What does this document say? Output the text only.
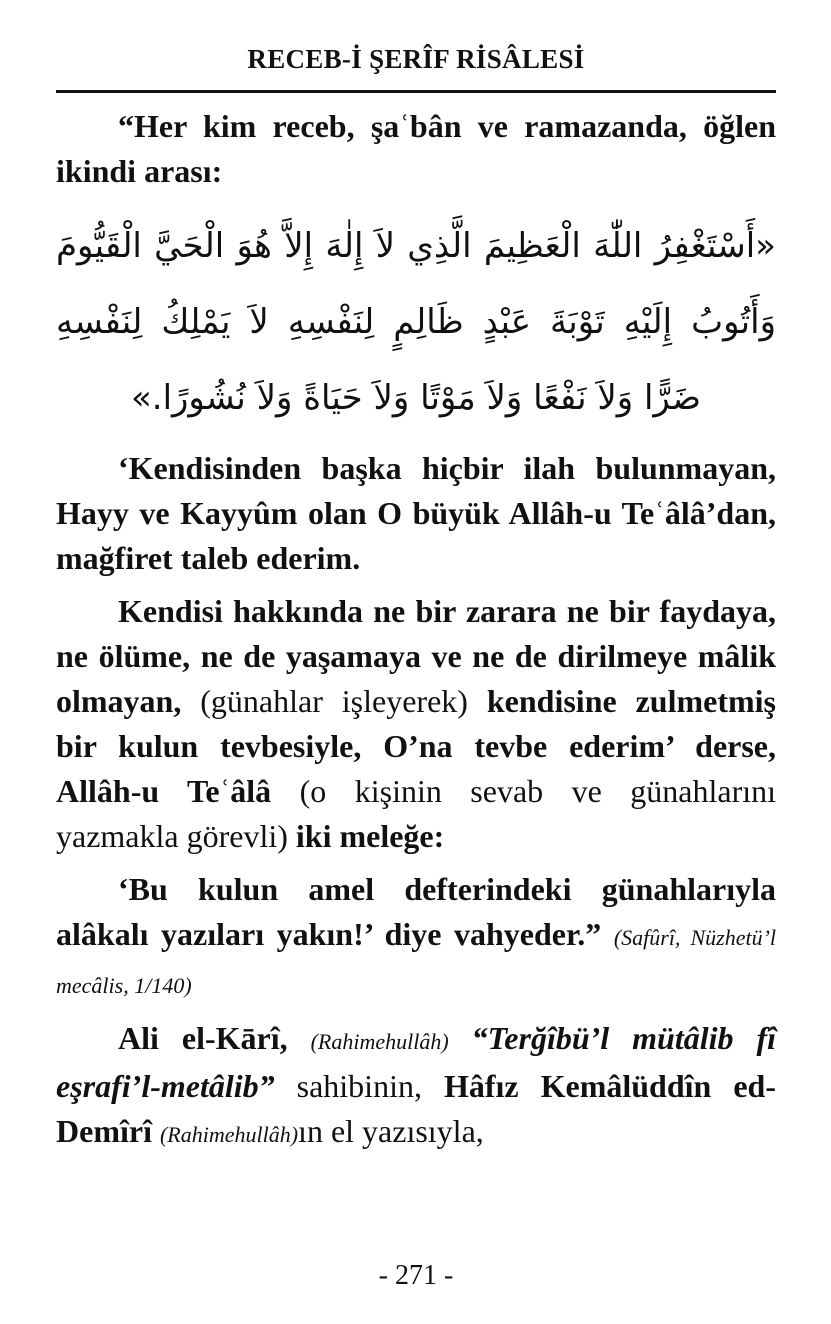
RECEB-İ ŞERÎF RİSÂLESİ

“Her kim receb, şaʿbân ve ramazanda, öğlen ikindi arası:

«أَسْتَغْفِرُ اللّٰهَ الْعَظِيمَ الَّذِي لاَ إِلٰهَ إِلاَّ هُوَ الْحَيَّ الْقَيُّومَ
وَأَتُوبُ إِلَيْهِ تَوْبَةَ عَبْدٍ ظَالِمٍ لِنَفْسِهِ لاَ يَمْلِكُ لِنَفْسِهِ
ضَرًّا وَلاَ نَفْعًا وَلاَ مَوْتًا وَلاَ حَيَاةً وَلاَ نُشُورًا.»

‘Kendisinden başka hiçbir ilah bulunmayan, Hayy ve Kayyûm olan O büyük Allâh-u Teʿâlâ’dan, mağfiret taleb ederim.

Kendisi hakkında ne bir zarara ne bir faydaya, ne ölüme, ne de yaşamaya ve ne de dirilmeye mâlik olmayan, (günahlar işleyerek) kendisine zulmetmiş bir kulun tevbesiyle, O’na tevbe ederim’ derse, Allâh-u Teʿâlâ (o kişinin sevab ve günahlarını yazmakla görevli) iki meleğe:

‘Bu kulun amel defterindeki günahlarıyla alâkalı yazıları yakın!’ diye vahyeder.” (Safûrî, Nüzhetü’l mecâlis, 1/140)

Ali el-Kārî, (Rahimehullâh) “Terğîbü’l mütâlib fî eşrafi’l-metâlib” sahibinin, Hâfız Kemâlüddîn ed-Demîrî (Rahimehullâh)ın el yazısıyla,

- 271 -
